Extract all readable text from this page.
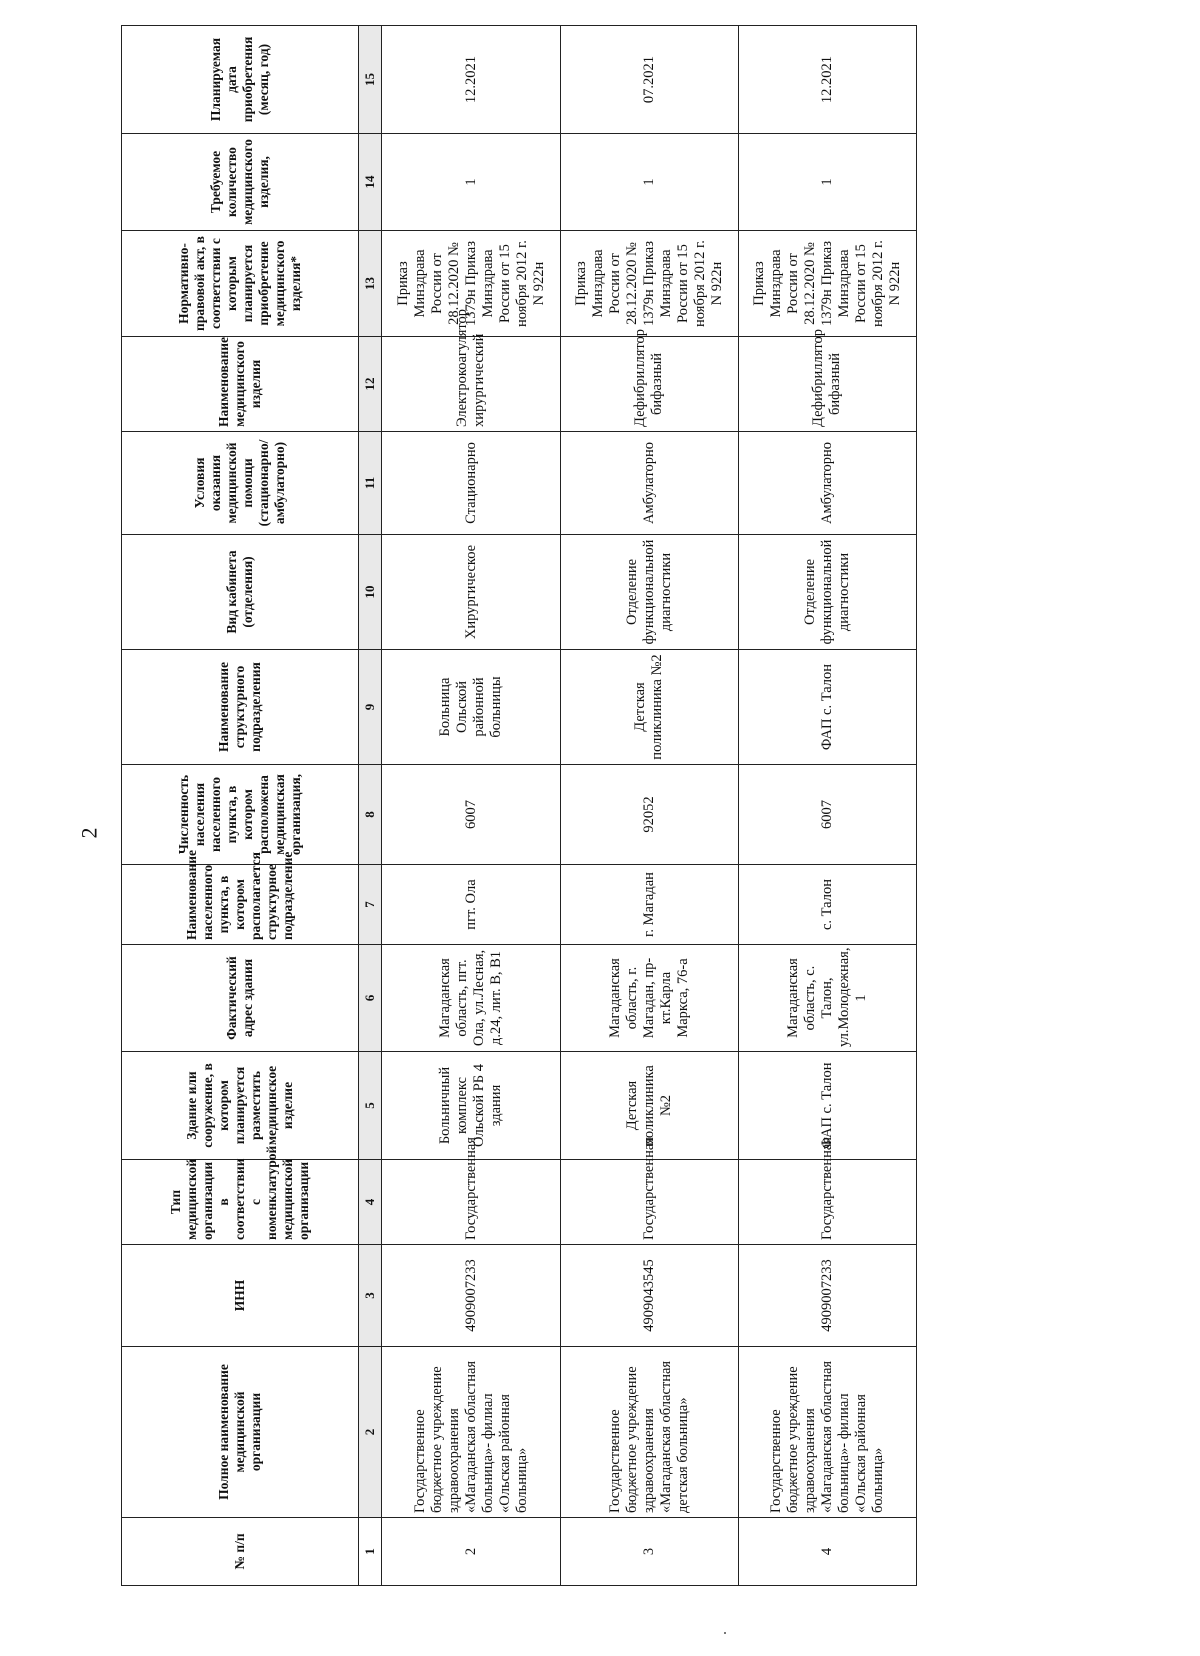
2
№ п/п	Полное наименование медицинской организации	ИНН	Тип медицинской организации в соответствии с номенклатурой медицинской организации	Здание или сооружение, в котором планируется разместить медицинское изделие	Фактический адрес здания	Наименование населенного пункта, в котором располагается структурное подразделение	Численность населения населенного пункта, в котором расположена медицинская организация,	Наименование структурного подразделения	Вид кабинета (отделения)	Условия оказания медицинской помощи (стационарно/ амбулаторно)	Наименование медицинского изделия	Нормативно-правовой акт, в соответствии с которым планируется приобретение медицинского изделия*	Требуемое количество медицинского изделия,	Планируемая дата приобретения (месяц, год)
1	2	3	4	5	6	7	8	9	10	11	12	13	14	15
2	Государственное бюджетное учреждение здравоохранения «Магаданская областная больница»- филиал «Ольская районная больница»	4909007233	Государственная	Больничный комплекс Ольской РБ 4 здания	Магаданская область, пгт. Ола, ул.Лесная, д.24, лит. В, В1	пгт. Ола	6007	Больница Ольской районной больницы	Хирургическое	Стационарно	Электрокоагулятор хирургический	Приказ Минздрава России от 28.12.2020 № 1379н Приказ Минздрава России от 15 ноября 2012 г. N 922н	1	12.2021
3	Государственное бюджетное учреждение здравоохранения «Магаданская областная детская больница»	4909043545	Государственная	Детская поликлиника №2	Магаданская область, г. Магадан, пр-кт.Карла Маркса, 76-а	г. Магадан	92052	Детская поликлиника №2	Отделение функциональной диагностики	Амбулаторно	Дефибриллятор бифазный	Приказ Минздрава России от 28.12.2020 № 1379н Приказ Минздрава России от 15 ноября 2012 г. N 922н	1	07.2021
4	Государственное бюджетное учреждение здравоохранения «Магаданская областная больница»- филиал «Ольская районная больница»	4909007233	Государственная	ФАП с. Талон	Магаданская область, с. Талон, ул.Молодежная, 1	с. Талон	6007	ФАП с. Талон	Отделение функциональной диагностики	Амбулаторно	Дефибриллятор бифазный	Приказ Минздрава России от 28.12.2020 № 1379н Приказ Минздрава России от 15 ноября 2012 г. N 922н	1	12.2021
